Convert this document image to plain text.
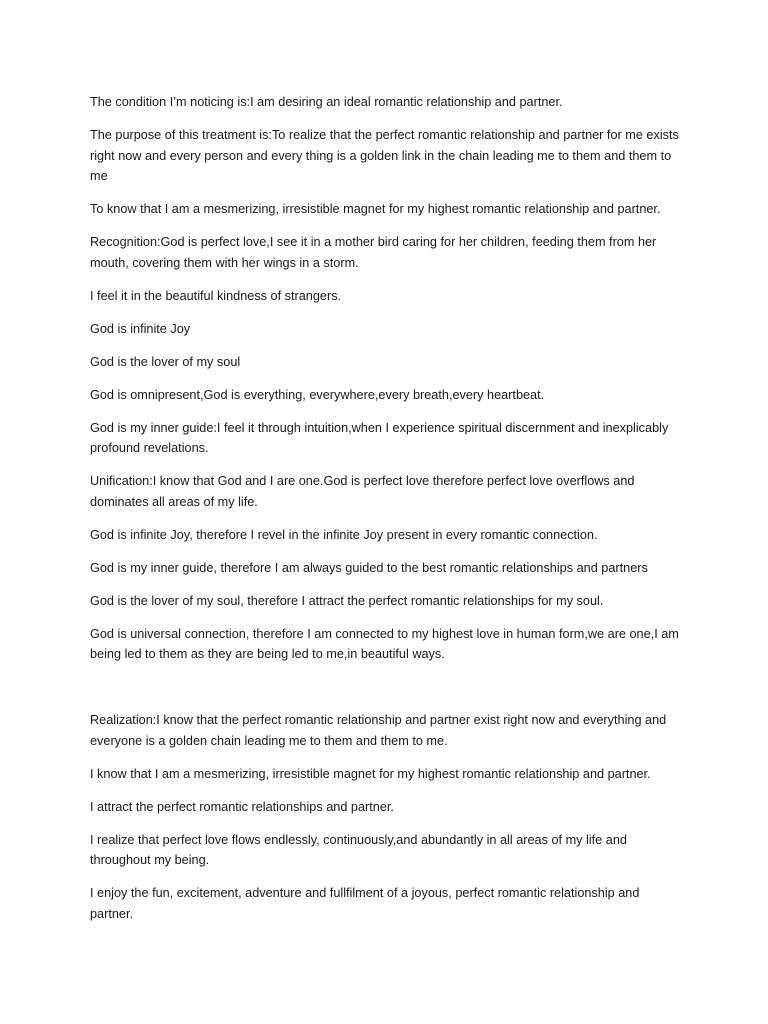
The condition I’m noticing is:I am desiring an ideal romantic relationship and partner.

The purpose of this treatment is:To realize that the perfect romantic relationship and partner for me exists right now and every person and every thing is a golden link in the chain leading me to them and them to me

To know that I am a mesmerizing, irresistible magnet for my highest romantic relationship and partner.

Recognition:God is perfect love,I see it in a mother bird caring for her children, feeding them from her mouth, covering them with her wings in a storm.

I feel it in the beautiful kindness of strangers.

God is infinite Joy

God is the lover of my soul

God is omnipresent,God is everything, everywhere,every breath,every heartbeat.

God is my inner guide:I feel it through intuition,when I experience spiritual discernment and inexplicably profound revelations.

Unification:I know that God and I are one.God is perfect love therefore perfect love overflows and dominates all areas of my life.

God is infinite Joy, therefore I revel in the infinite Joy present in every romantic connection.

God is my inner guide, therefore I am always guided to the best romantic relationships and partners

God is the lover of my soul, therefore I attract the perfect romantic relationships for my soul.

God is universal connection, therefore I am connected to my highest love in human form,we are one,I am being led to them as they are being led to me,in beautiful ways.

Realization:I know that the perfect romantic relationship and partner exist right now and everything and everyone is a golden chain leading me to them and them to me.

I know that I am a mesmerizing, irresistible magnet for my highest romantic relationship and partner.

I attract the perfect romantic relationships and partner.

I realize that perfect love flows endlessly, continuously,and abundantly in all areas of my life and throughout my being.

I enjoy the fun, excitement, adventure and fullfilment of a joyous, perfect romantic relationship and partner.
